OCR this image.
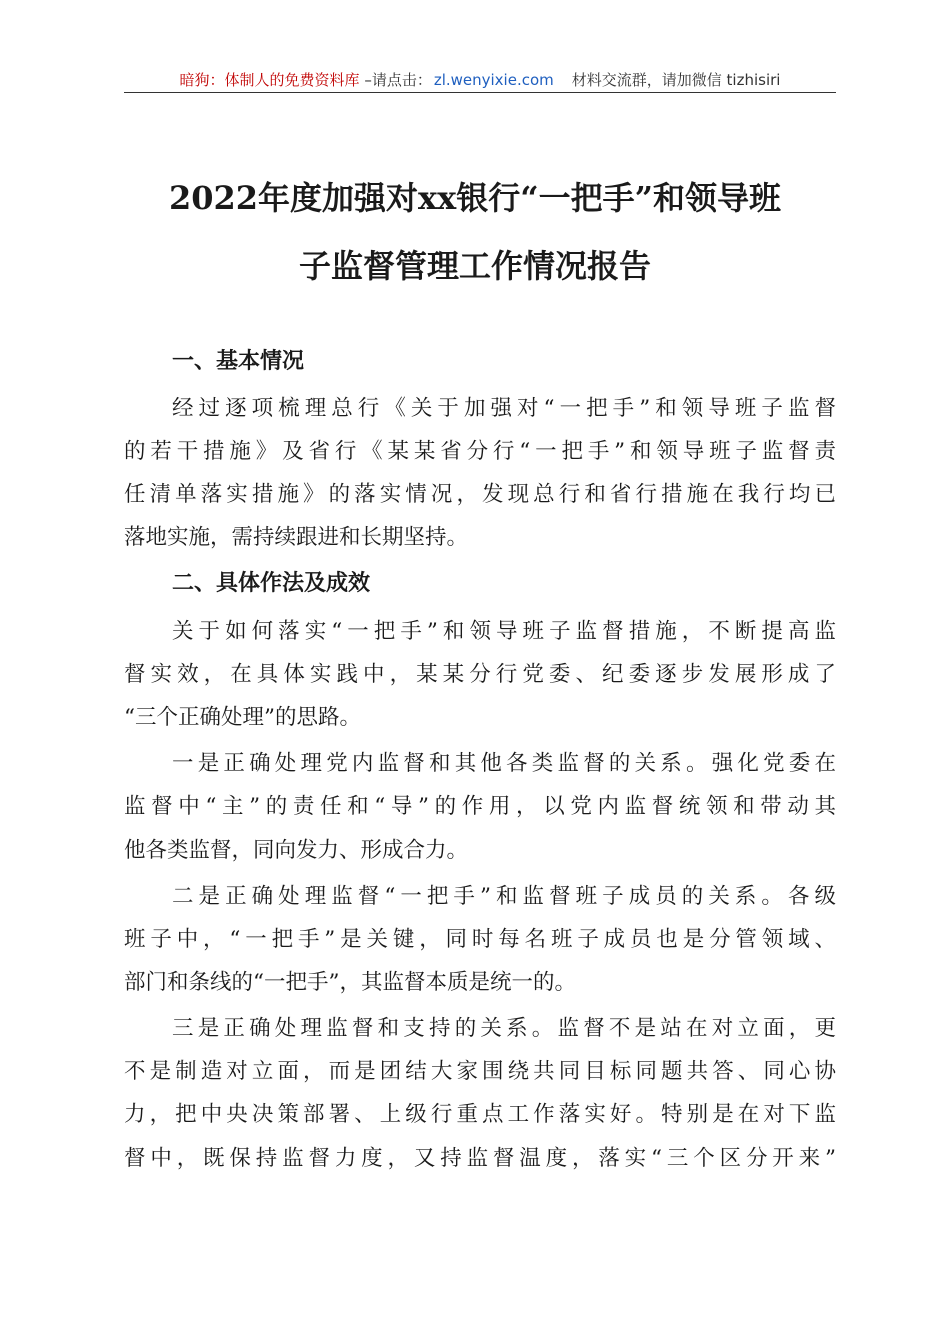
暗狗：体制人的免费资料库 –请点击： zl.wenyixie.com 材料交流群，请加微信 tizhisiri
2022年度加强对xx银行“一把手”和领导班
子监督管理工作情况报告
一、基本情况
经过逐项梳理总行《关于加强对“一把手”和领导班子监督
的若干措施》及省行《某某省分行“一把手”和领导班子监督责
任清单落实措施》的落实情况，发现总行和省行措施在我行均已
落地实施，需持续跟进和长期坚持。
二、具体作法及成效
关于如何落实“一把手”和领导班子监督措施，不断提高监
督实效，在具体实践中，某某分行党委、纪委逐步发展形成了
“三个正确处理”的思路。
一是正确处理党内监督和其他各类监督的关系。强化党委在
监督中“主”的责任和“导”的作用，以党内监督统领和带动其
他各类监督，同向发力、形成合力。
二是正确处理监督“一把手”和监督班子成员的关系。各级
班子中，“一把手”是关键，同时每名班子成员也是分管领域、
部门和条线的“一把手”，其监督本质是统一的。
三是正确处理监督和支持的关系。监督不是站在对立面，更
不是制造对立面，而是团结大家围绕共同目标同题共答、同心协
力，把中央决策部署、上级行重点工作落实好。特别是在对下监
督中，既保持监督力度，又持监督温度，落实“三个区分开来”
